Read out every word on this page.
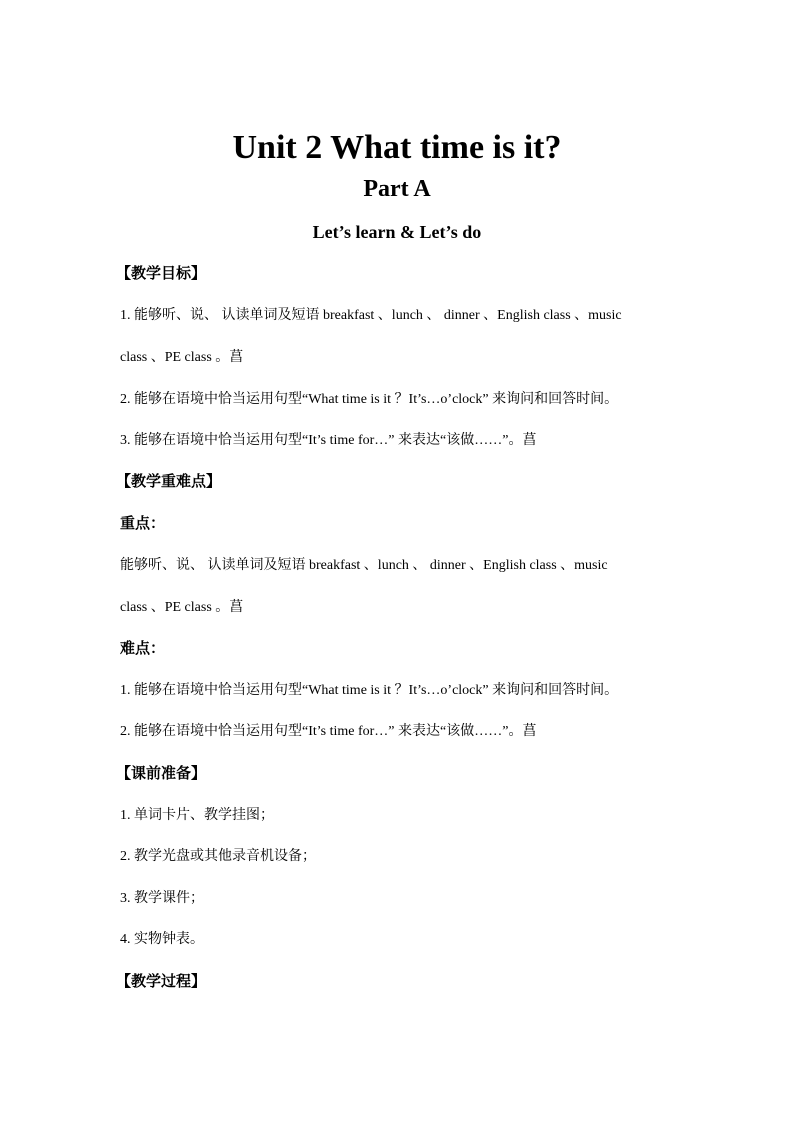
Unit 2 What time is it?
Part A
Let’s learn & Let’s do

【教学目标】

1. 能够听、说、 认读单词及短语 breakfast 、lunch 、 dinner 、English class 、music

class 、PE class 。菖

2. 能够在语境中恰当运用句型“What time is it ？It’s…o’clock” 来询问和回答时间。

3. 能够在语境中恰当运用句型“It’s time for…” 来表达“该做……”。菖

【教学重难点】

重点：

能够听、说、 认读单词及短语 breakfast 、lunch 、 dinner 、English class 、music

class 、PE class 。菖

难点：

1. 能够在语境中恰当运用句型“What time is it ？It’s…o’clock” 来询问和回答时间。

2. 能够在语境中恰当运用句型“It’s time for…” 来表达“该做……”。菖

【课前准备】

1. 单词卡片、教学挂图；

2. 教学光盘或其他录音机设备；

3. 教学课件；

4. 实物钟表。

【教学过程】
